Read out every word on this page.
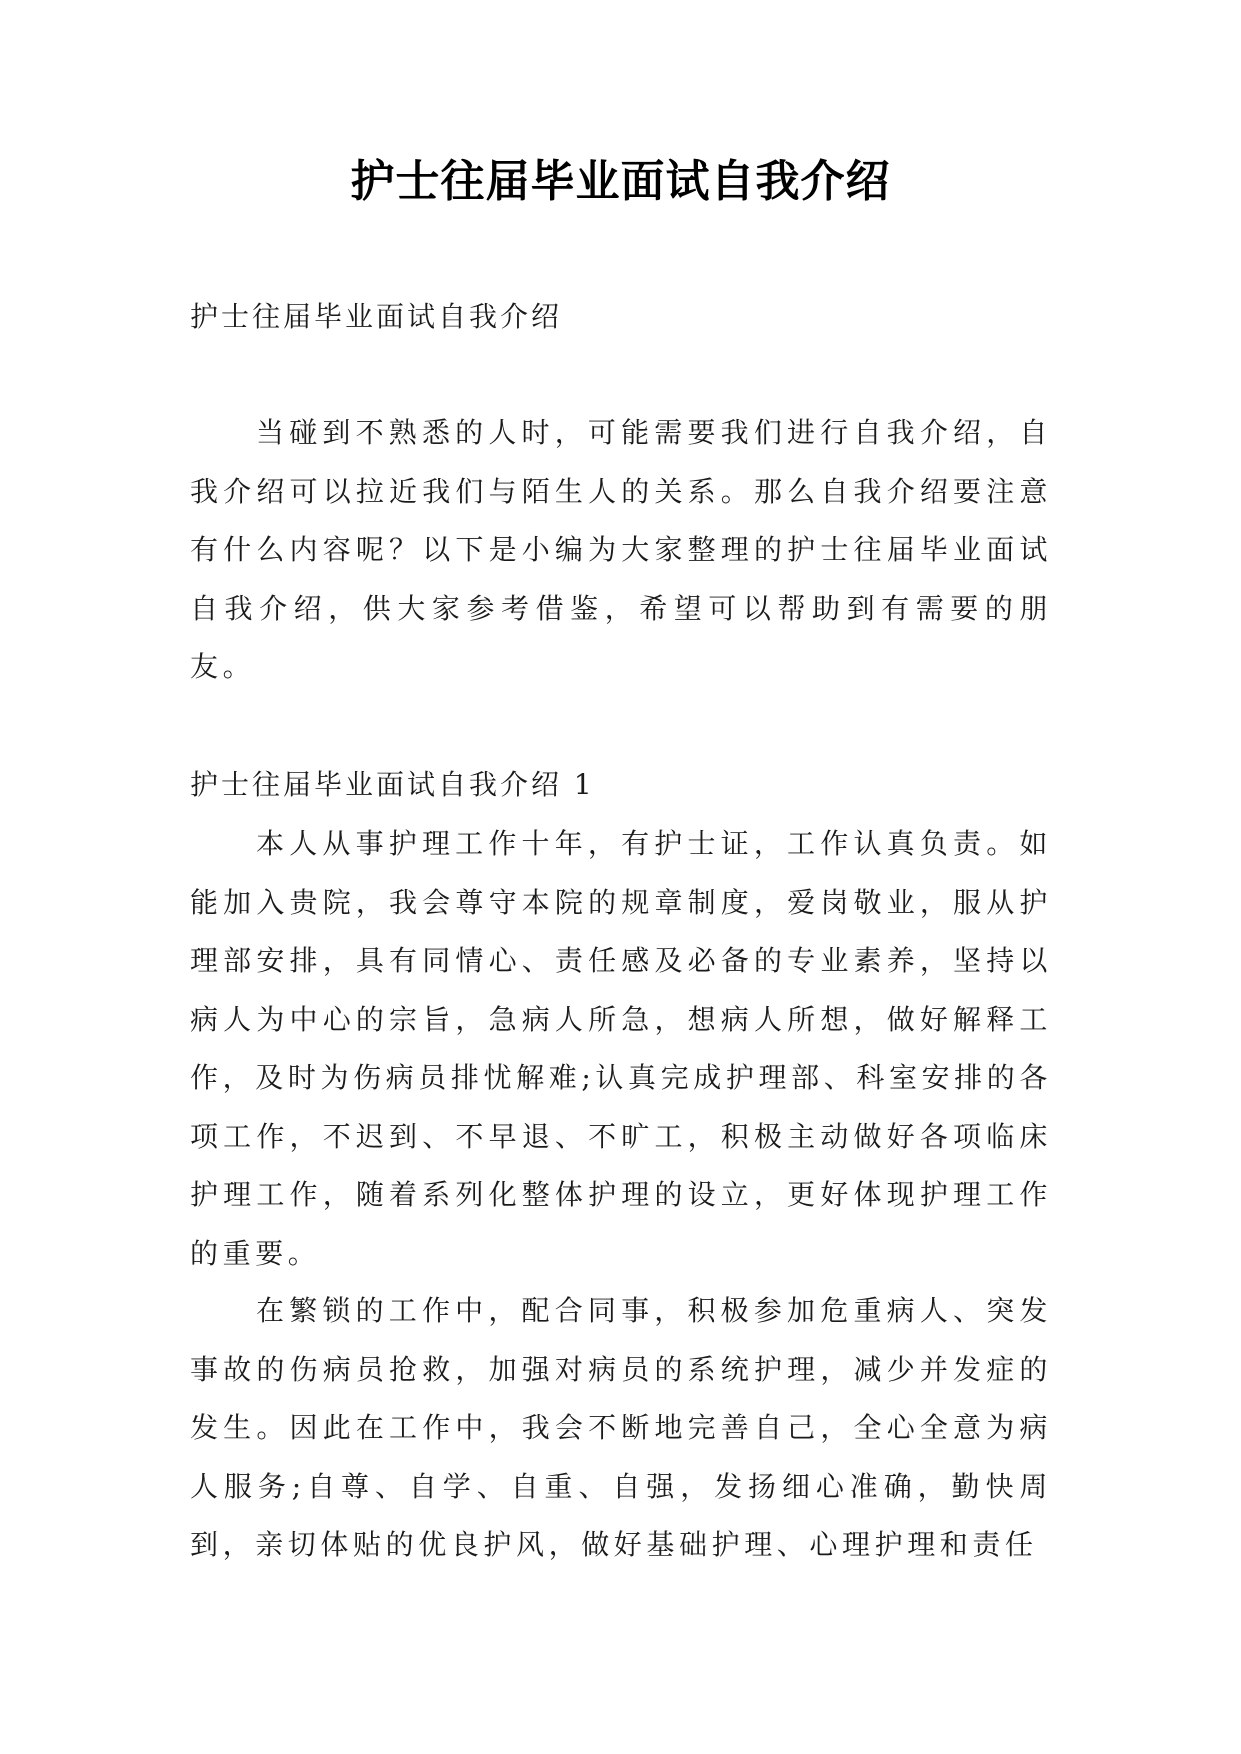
护士往届毕业面试自我介绍

护士往届毕业面试自我介绍

当碰到不熟悉的人时，可能需要我们进行自我介绍，自我介绍可以拉近我们与陌生人的关系。那么自我介绍要注意有什么内容呢？以下是小编为大家整理的护士往届毕业面试自我介绍，供大家参考借鉴，希望可以帮助到有需要的朋友。

护士往届毕业面试自我介绍 1

本人从事护理工作十年，有护士证，工作认真负责。如能加入贵院，我会尊守本院的规章制度，爱岗敬业，服从护理部安排，具有同情心、责任感及必备的专业素养，坚持以病人为中心的宗旨，急病人所急，想病人所想，做好解释工作，及时为伤病员排忧解难;认真完成护理部、科室安排的各项工作，不迟到、不早退、不旷工，积极主动做好各项临床护理工作，随着系列化整体护理的设立，更好体现护理工作的重要。

在繁锁的工作中，配合同事，积极参加危重病人、突发事故的伤病员抢救，加强对病员的系统护理，减少并发症的发生。因此在工作中，我会不断地完善自己，全心全意为病人服务;自尊、自学、自重、自强，发扬细心准确，勤快周到，亲切体贴的优良护风，做好基础护理、心理护理和责任
